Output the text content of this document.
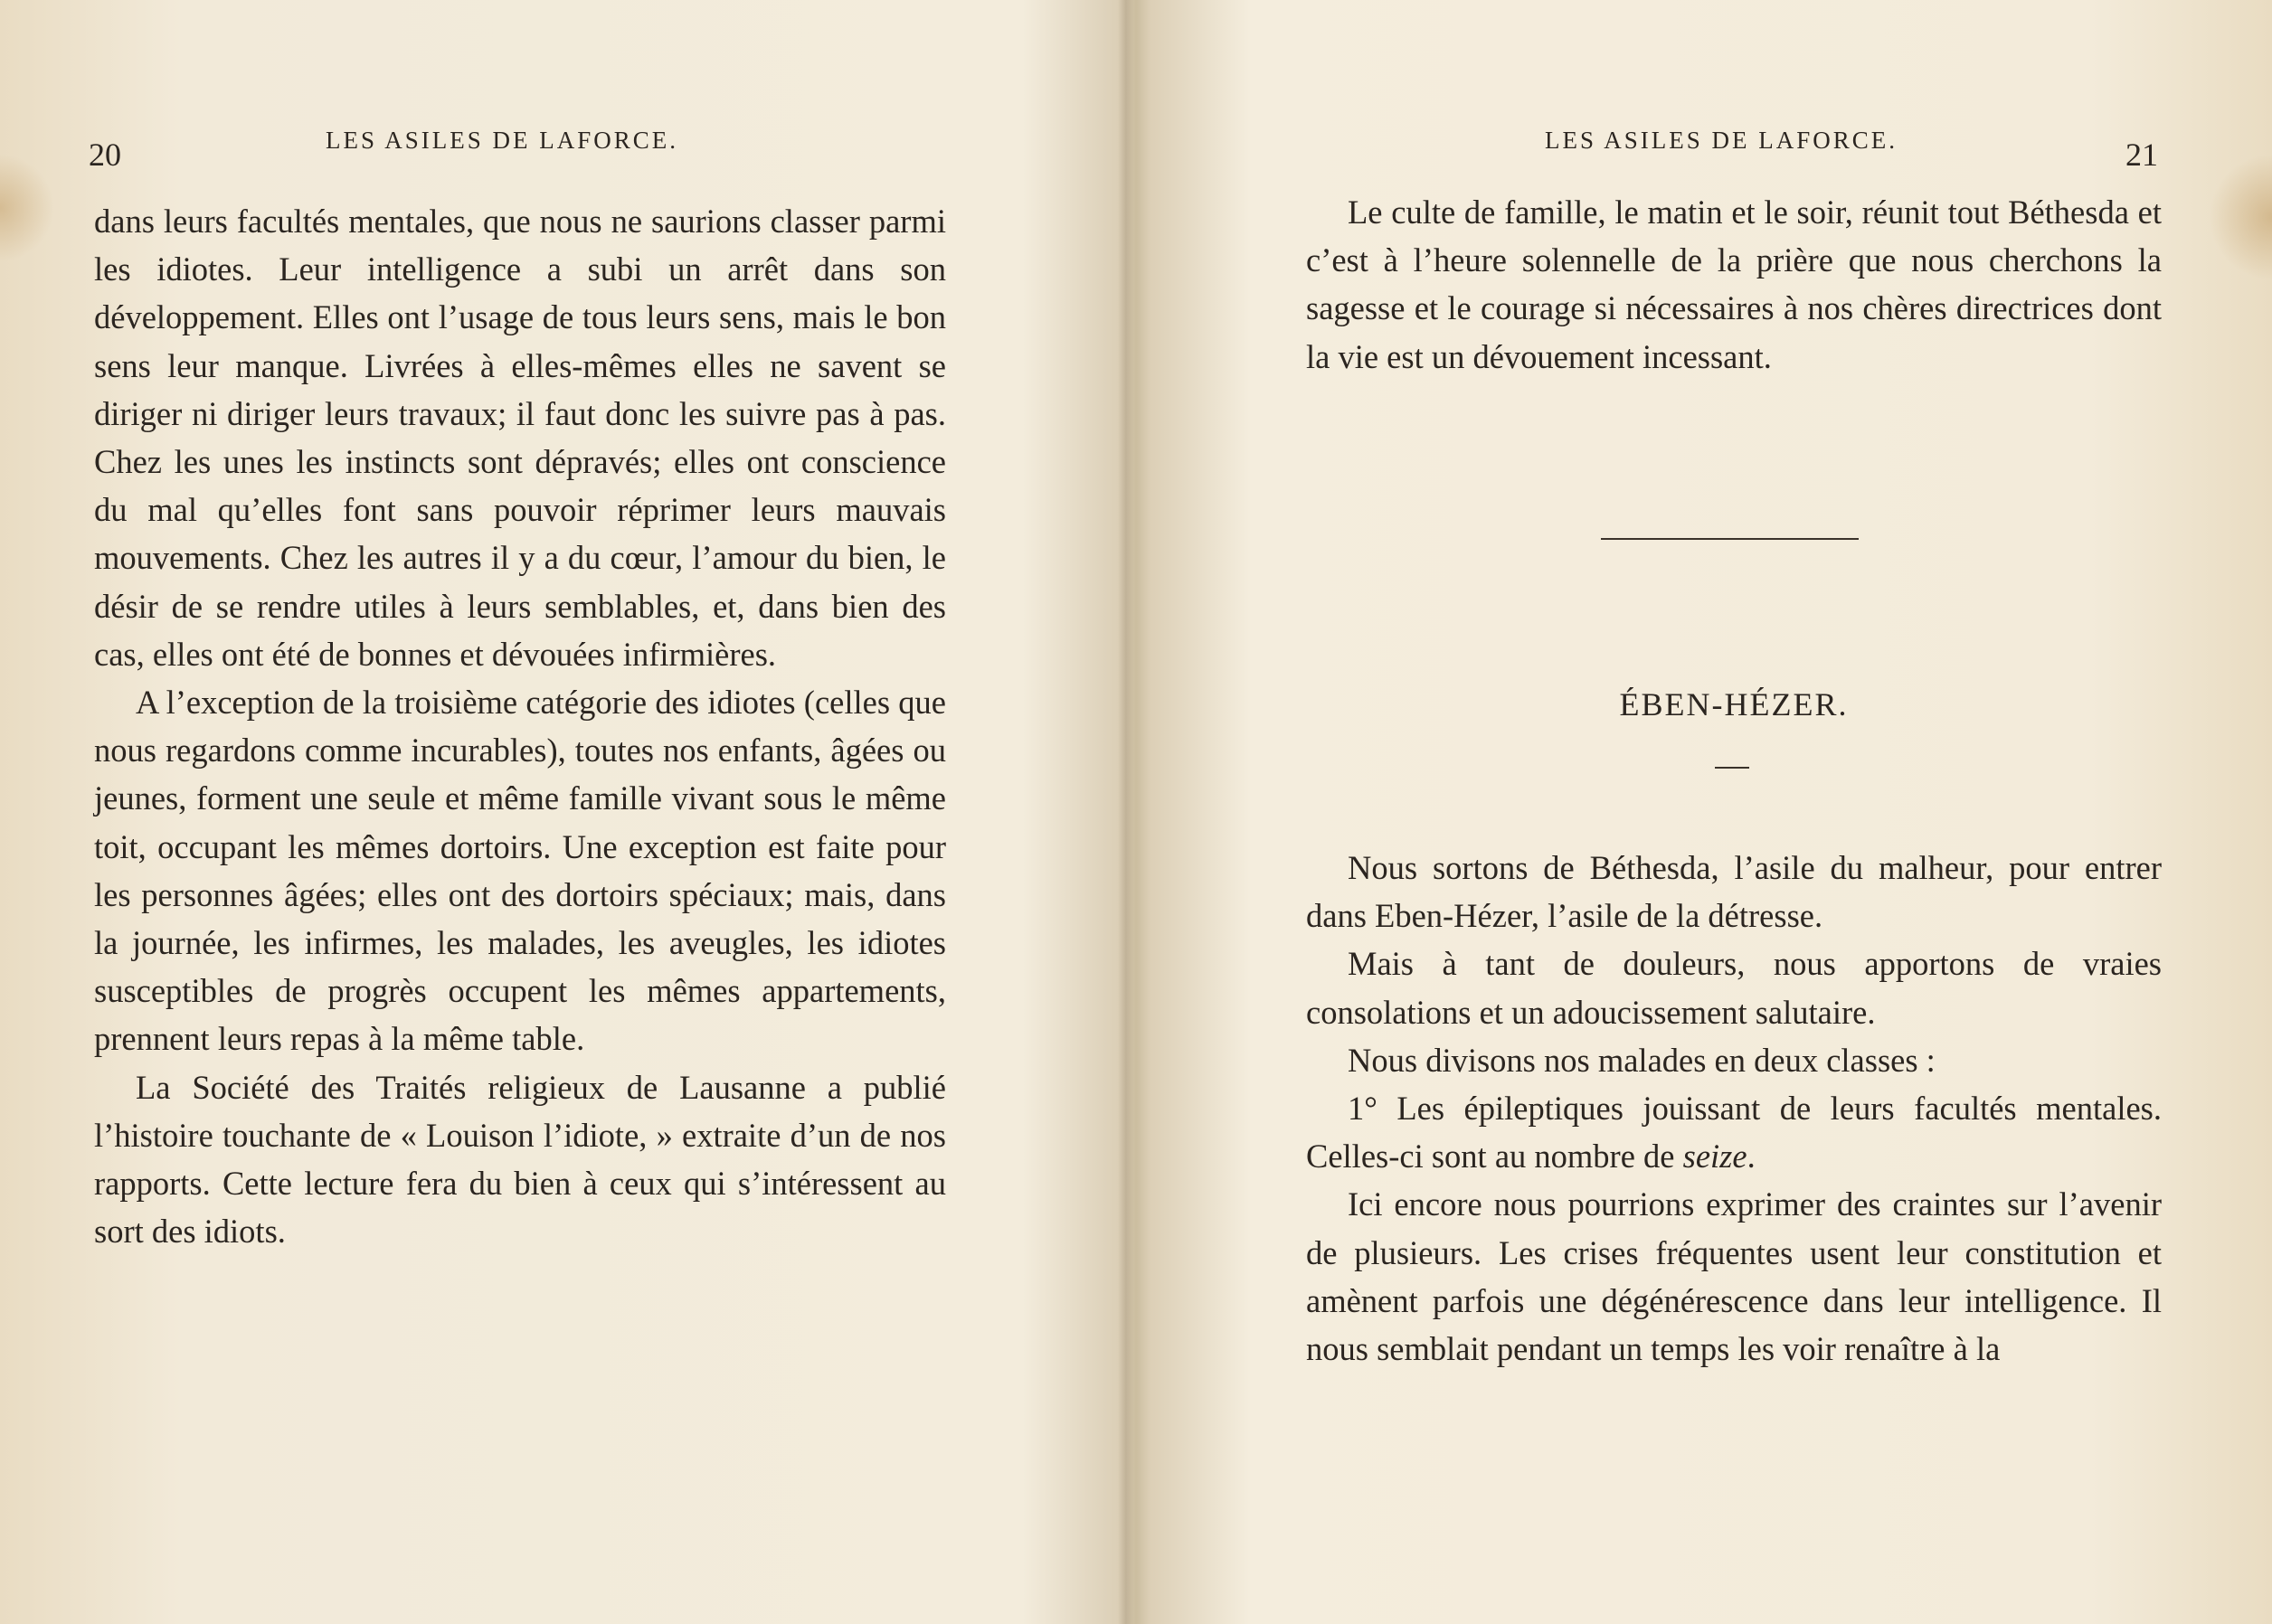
20	LES ASILES DE LAFORCE.

dans leurs facultés mentales, que nous ne saurions classer parmi les idiotes. Leur intelligence a subi un arrêt dans son développement. Elles ont l’usage de tous leurs sens, mais le bon sens leur manque. Livrées à elles-mêmes elles ne savent se diriger ni diriger leurs travaux; il faut donc les suivre pas à pas. Chez les unes les instincts sont dépravés; elles ont conscience du mal qu’elles font sans pouvoir réprimer leurs mauvais mouvements. Chez les autres il y a du cœur, l’amour du bien, le désir de se rendre utiles à leurs semblables, et, dans bien des cas, elles ont été de bonnes et dévouées infirmières.

A l’exception de la troisième catégorie des idiotes (celles que nous regardons comme incurables), toutes nos enfants, âgées ou jeunes, forment une seule et même famille vivant sous le même toit, occupant les mêmes dortoirs. Une exception est faite pour les personnes âgées; elles ont des dortoirs spéciaux; mais, dans la journée, les infirmes, les malades, les aveugles, les idiotes susceptibles de progrès occupent les mêmes appartements, prennent leurs repas à la même table.

La Société des Traités religieux de Lausanne a publié l’histoire touchante de « Louison l’idiote, » extraite d’un de nos rapports. Cette lecture fera du bien à ceux qui s’intéressent au sort des idiots.

LES ASILES DE LAFORCE.	21

Le culte de famille, le matin et le soir, réunit tout Béthesda et c’est à l’heure solennelle de la prière que nous cherchons la sagesse et le courage si nécessaires à nos chères directrices dont la vie est un dévouement incessant.

ÉBEN-HÉZER.

Nous sortons de Béthesda, l’asile du malheur, pour entrer dans Eben-Hézer, l’asile de la détresse.

Mais à tant de douleurs, nous apportons de vraies consolations et un adoucissement salutaire.

Nous divisons nos malades en deux classes :

1° Les épileptiques jouissant de leurs facultés mentales. Celles-ci sont au nombre de seize.

Ici encore nous pourrions exprimer des craintes sur l’avenir de plusieurs. Les crises fréquentes usent leur constitution et amènent parfois une dégénérescence dans leur intelligence. Il nous semblait pendant un temps les voir renaître à la
